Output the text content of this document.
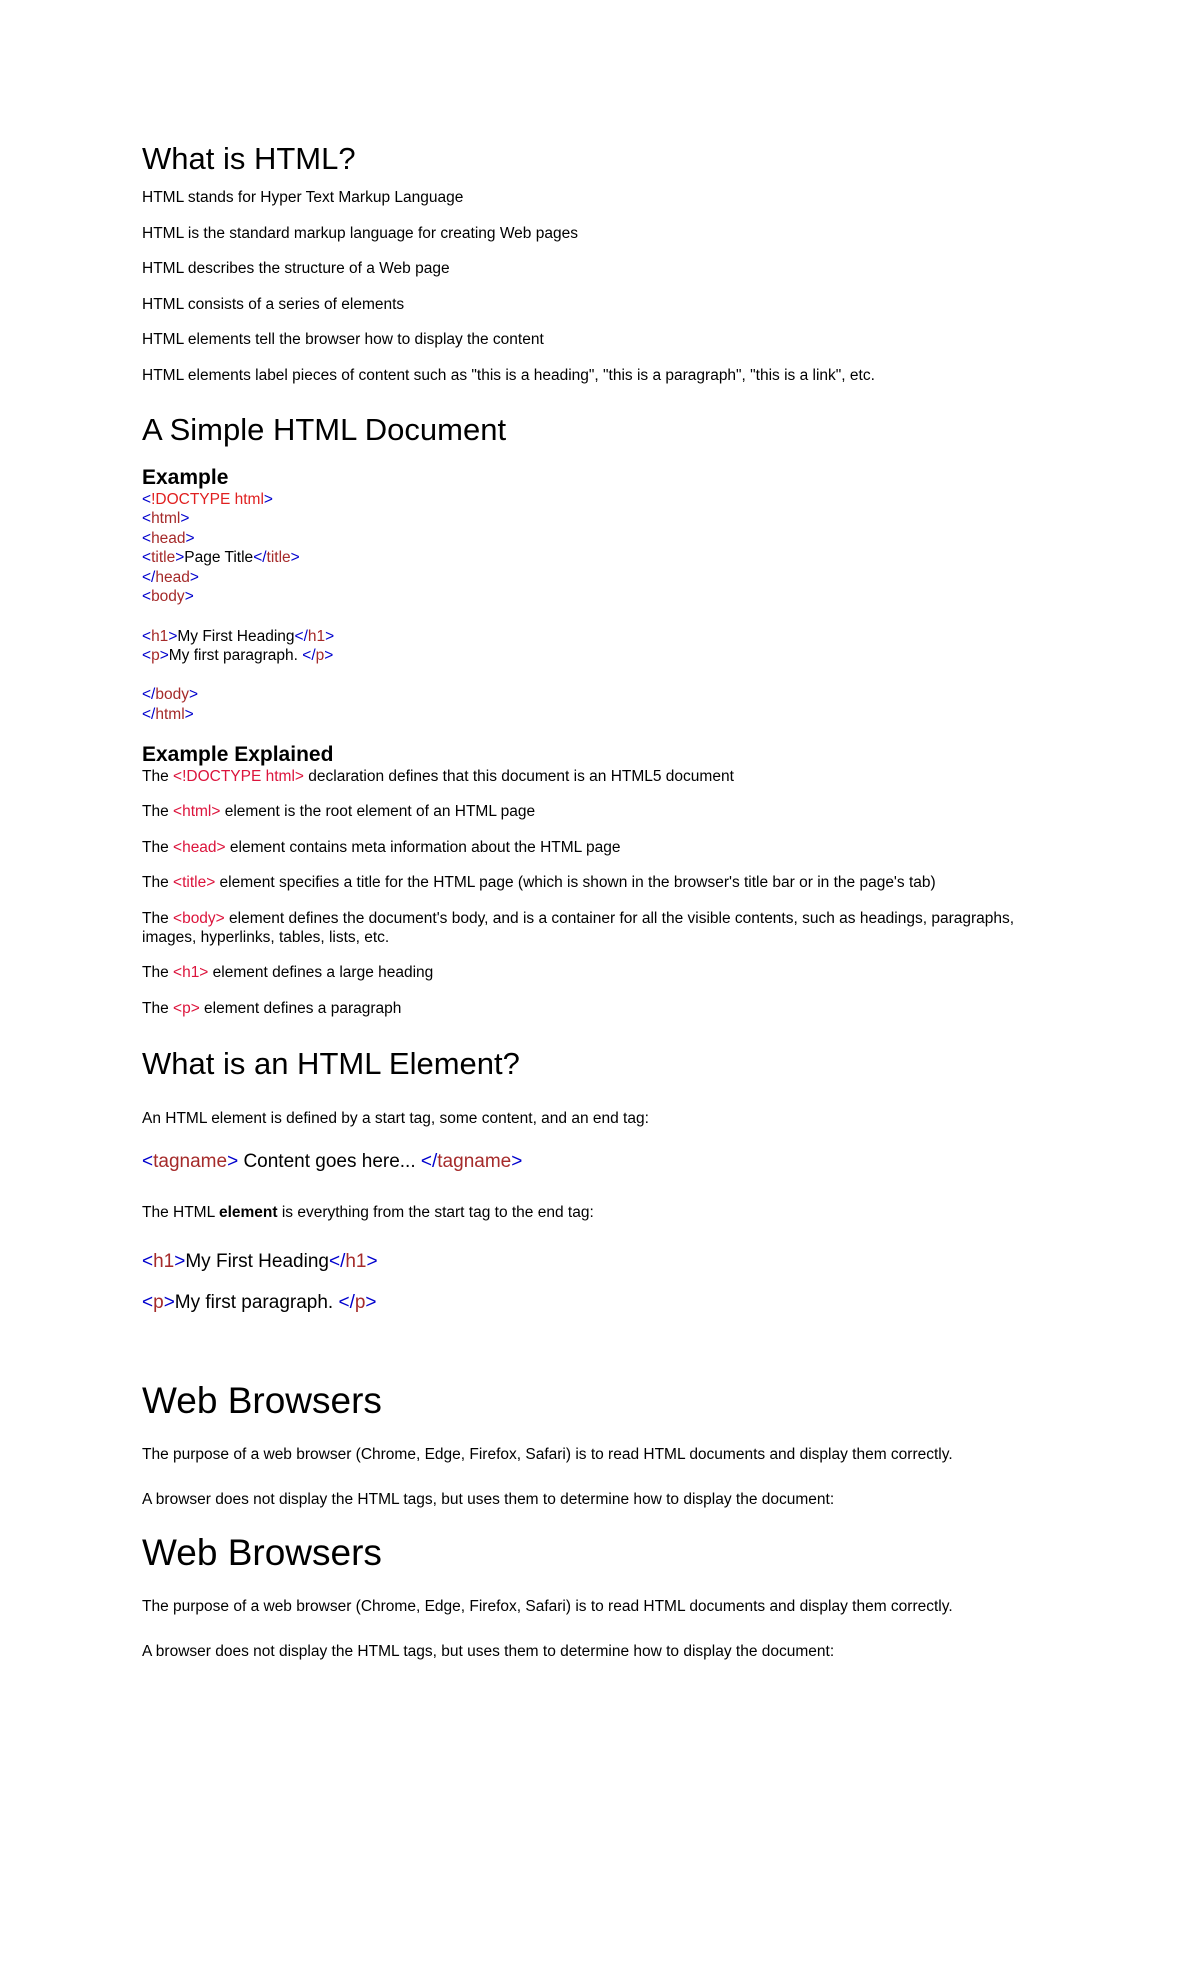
What is HTML?

HTML stands for Hyper Text Markup Language

HTML is the standard markup language for creating Web pages

HTML describes the structure of a Web page

HTML consists of a series of elements

HTML elements tell the browser how to display the content

HTML elements label pieces of content such as "this is a heading", "this is a paragraph", "this is a link", etc.

A Simple HTML Document
Example
<!DOCTYPE html>
<html>
<head>
<title>Page Title</title>
</head>
<body>
<h1>My First Heading</h1>
<p>My first paragraph. </p>
</body>
</html>
Example Explained

The <!DOCTYPE html> declaration defines that this document is an HTML5 document

The <html> element is the root element of an HTML page

The <head> element contains meta information about the HTML page

The <title> element specifies a title for the HTML page (which is shown in the browser's title bar or in the page's tab)

The <body> element defines the document's body, and is a container for all the visible contents, such as headings, paragraphs, images, hyperlinks, tables, lists, etc.

The <h1> element defines a large heading

The <p> element defines a paragraph

What is an HTML Element?

An HTML element is defined by a start tag, some content, and an end tag:

<tagname> Content goes here... </tagname>

The HTML element is everything from the start tag to the end tag:

<h1>My First Heading</h1>
<p>My first paragraph. </p>
Web Browsers

The purpose of a web browser (Chrome, Edge, Firefox, Safari) is to read HTML documents and display them correctly.

A browser does not display the HTML tags, but uses them to determine how to display the document:

Web Browsers

The purpose of a web browser (Chrome, Edge, Firefox, Safari) is to read HTML documents and display them correctly.

A browser does not display the HTML tags, but uses them to determine how to display the document:
